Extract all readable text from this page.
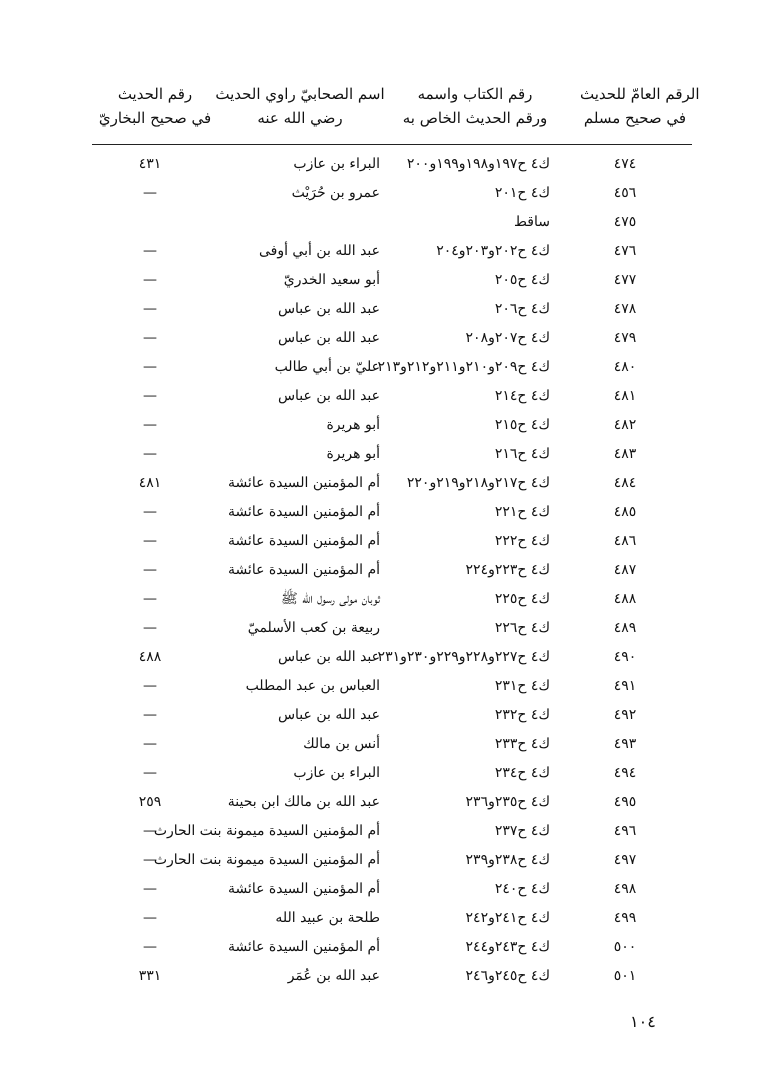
الرقم العامّ للحديث
في صحيح مسلم
رقم الكتاب واسمه
ورقم الحديث الخاص به
اسم الصحابيّ راوي الحديث
رضي الله عنه
رقم الحديث
في صحيح البخاريّ
٤٧٤
ك٤ ح١٩٧و١٩٨و١٩٩و٢٠٠
البراء بن عازب
٤٣١
٤٥٦
ك٤ ح٢٠١
عمرو بن حُرَيْث
—
٤٧٥
ساقط
٤٧٦
ك٤ ح٢٠٢و٢٠٣و٢٠٤
عبد الله بن أبي أوفى
—
٤٧٧
ك٤ ح٢٠٥
أبو سعيد الخدريّ
—
٤٧٨
ك٤ ح٢٠٦
عبد الله بن عباس
—
٤٧٩
ك٤ ح٢٠٧و٢٠٨
عبد الله بن عباس
—
٤٨٠
ك٤ ح٢٠٩و٢١٠و٢١١و٢١٢و٢١٣
عليّ بن أبي طالب
—
٤٨١
ك٤ ح٢١٤
عبد الله بن عباس
—
٤٨٢
ك٤ ح٢١٥
أبو هريرة
—
٤٨٣
ك٤ ح٢١٦
أبو هريرة
—
٤٨٤
ك٤ ح٢١٧و٢١٨و٢١٩و٢٢٠
أم المؤمنين السيدة عائشة
٤٨١
٤٨٥
ك٤ ح٢٢١
أم المؤمنين السيدة عائشة
—
٤٨٦
ك٤ ح٢٢٢
أم المؤمنين السيدة عائشة
—
٤٨٧
ك٤ ح٢٢٣و٢٢٤
أم المؤمنين السيدة عائشة
—
٤٨٨
ك٤ ح٢٢٥
ثوبان مولى رسول الله ﷺ
—
٤٨٩
ك٤ ح٢٢٦
ربيعة بن كعب الأسلميّ
—
٤٩٠
ك٤ ح٢٢٧و٢٢٨و٢٢٩و٢٣٠و٢٣١
عبد الله بن عباس
٤٨٨
٤٩١
ك٤ ح٢٣١
العباس بن عبد المطلب
—
٤٩٢
ك٤ ح٢٣٢
عبد الله بن عباس
—
٤٩٣
ك٤ ح٢٣٣
أنس بن مالك
—
٤٩٤
ك٤ ح٢٣٤
البراء بن عازب
—
٤٩٥
ك٤ ح٢٣٥و٢٣٦
عبد الله بن مالك ابن بحينة
٢٥٩
٤٩٦
ك٤ ح٢٣٧
أم المؤمنين السيدة ميمونة بنت الحارث
—
٤٩٧
ك٤ ح٢٣٨و٢٣٩
أم المؤمنين السيدة ميمونة بنت الحارث
—
٤٩٨
ك٤ ح٢٤٠
أم المؤمنين السيدة عائشة
—
٤٩٩
ك٤ ح٢٤١و٢٤٢
طلحة بن عبيد الله
—
٥٠٠
ك٤ ح٢٤٣و٢٤٤
أم المؤمنين السيدة عائشة
—
٥٠١
ك٤ ح٢٤٥و٢٤٦
عبد الله بن عُمَر
٣٣١
١٠٤
